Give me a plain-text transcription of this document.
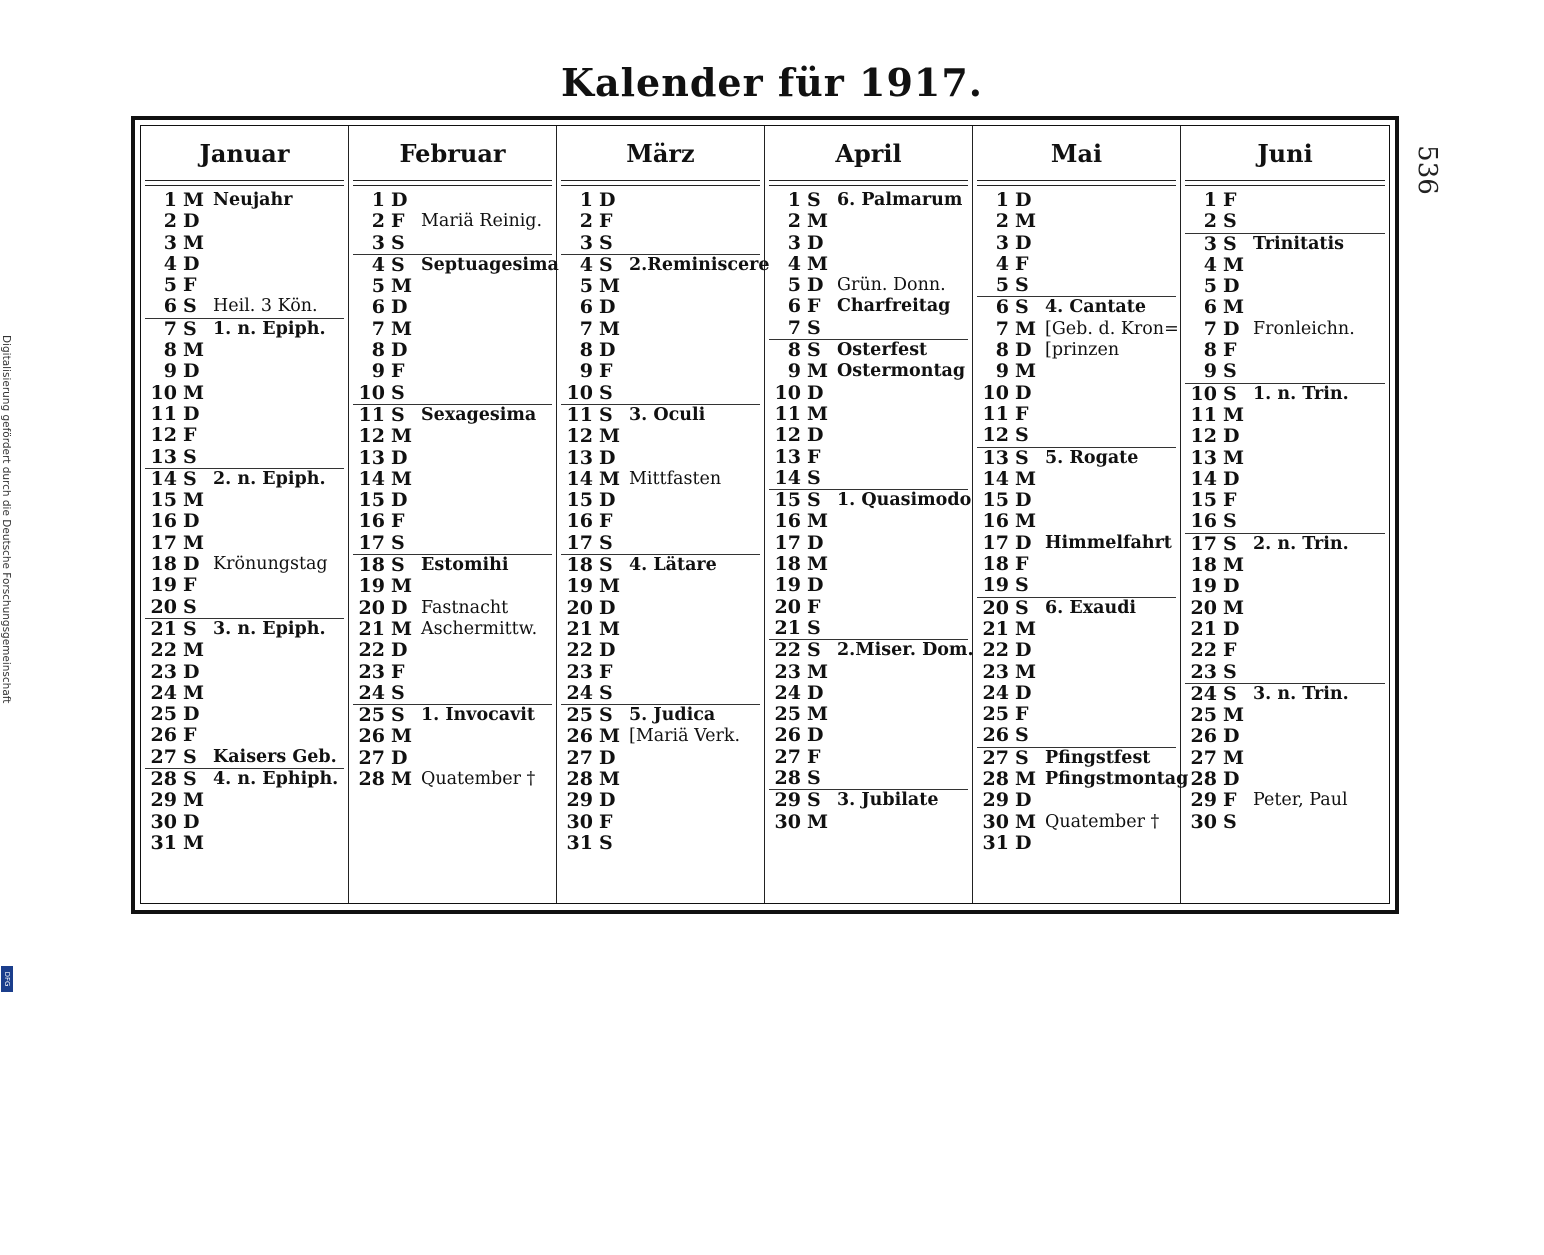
Kalender für 1917.
536
Digitalisierung gefördert durch die Deutsche Forschungsgemeinschaft
DFG
Januar
1 M Neujahr
2 D
3 M
4 D
5 F
6 S Heil. 3 Kön.
7 S 1. n. Epiph.
8 M
9 D
10 M
11 D
12 F
13 S
14 S 2. n. Epiph.
15 M
16 D
17 M
18 D Krönungstag
19 F
20 S
21 S 3. n. Epiph.
22 M
23 D
24 M
25 D
26 F
27 S Kaisers Geb.
28 S 4. n. Ephiph.
29 M
30 D
31 M
Februar
1 D
2 F Mariä Reinig.
3 S
4 S Septuagesima
5 M
6 D
7 M
8 D
9 F
10 S
11 S Sexagesima
12 M
13 D
14 M
15 D
16 F
17 S
18 S Estomihi
19 M
20 D Fastnacht
21 M Aschermittw.
22 D
23 F
24 S
25 S 1. Invocavit
26 M
27 D
28 M Quatember †
März
1 D
2 F
3 S
4 S 2.Reminiscere
5 M
6 D
7 M
8 D
9 F
10 S
11 S 3. Oculi
12 M
13 D
14 M Mittfasten
15 D
16 F
17 S
18 S 4. Lätare
19 M
20 D
21 M
22 D
23 F
24 S
25 S 5. Judica
26 M [Mariä Verk.
27 D
28 M
29 D
30 F
31 S
April
1 S 6. Palmarum
2 M
3 D
4 M
5 D Grün. Donn.
6 F Charfreitag
7 S
8 S Osterfest
9 M Ostermontag
10 D
11 M
12 D
13 F
14 S
15 S 1. Quasimodo
16 M
17 D
18 M
19 D
20 F
21 S
22 S 2.Miser. Dom.
23 M
24 D
25 M
26 D
27 F
28 S
29 S 3. Jubilate
30 M
Mai
1 D
2 M
3 D
4 F
5 S
6 S 4. Cantate
7 M [Geb. d. Kron=
8 D [prinzen
9 M
10 D
11 F
12 S
13 S 5. Rogate
14 M
15 D
16 M
17 D Himmelfahrt
18 F
19 S
20 S 6. Exaudi
21 M
22 D
23 M
24 D
25 F
26 S
27 S Pfingstfest
28 M Pfingstmontag
29 D
30 M Quatember †
31 D
Juni
1 F
2 S
3 S Trinitatis
4 M
5 D
6 M
7 D Fronleichn.
8 F
9 S
10 S 1. n. Trin.
11 M
12 D
13 M
14 D
15 F
16 S
17 S 2. n. Trin.
18 M
19 D
20 M
21 D
22 F
23 S
24 S 3. n. Trin.
25 M
26 D
27 M
28 D
29 F Peter, Paul
30 S
